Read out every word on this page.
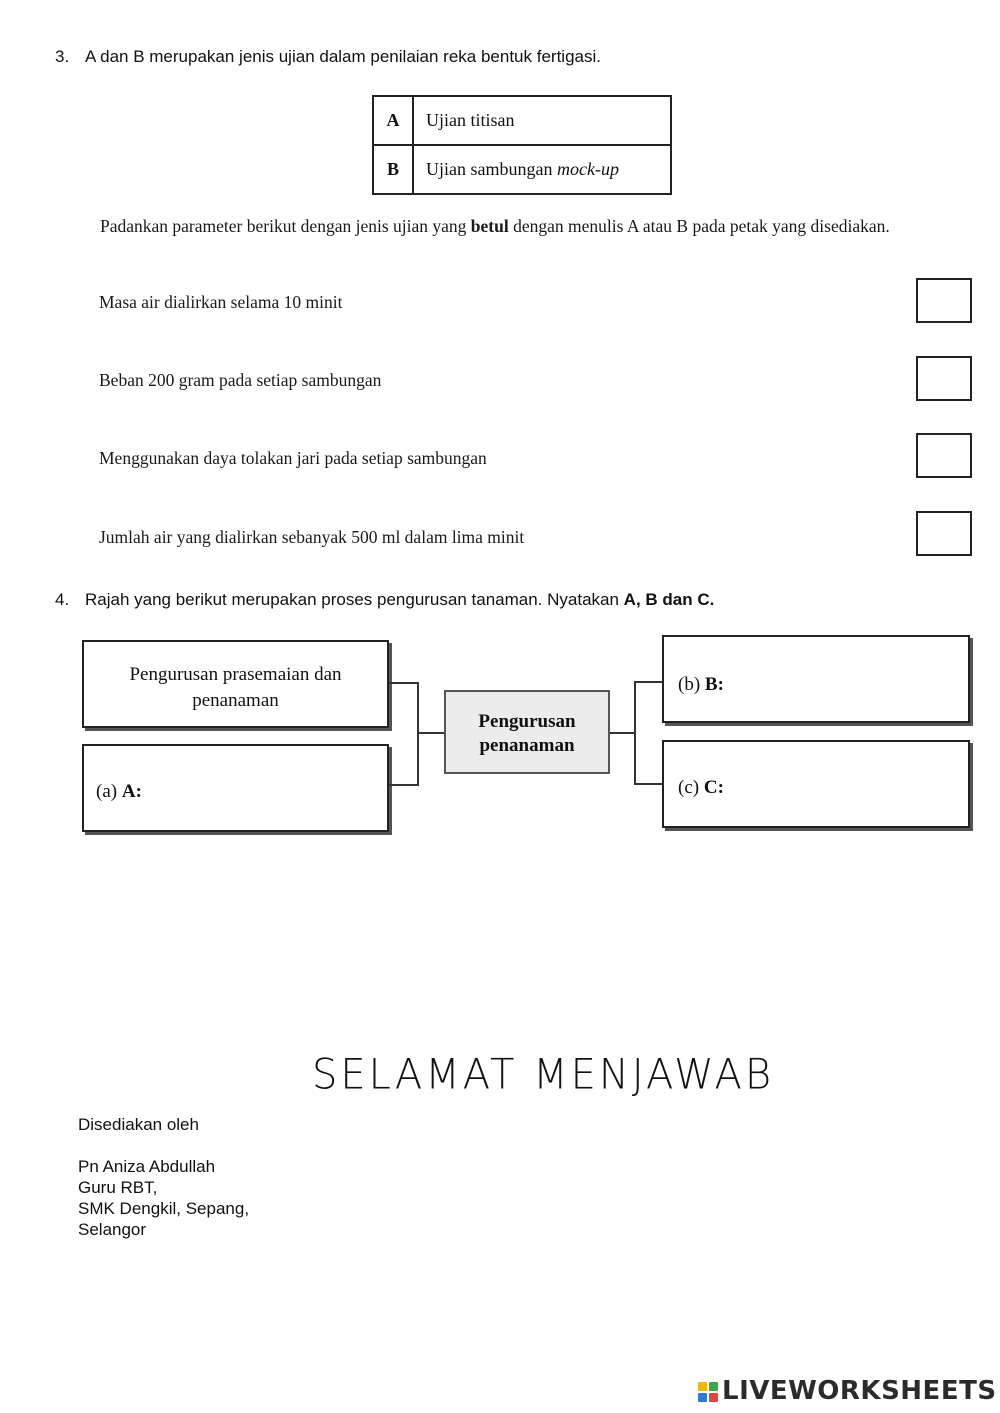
3. A dan B merupakan jenis ujian dalam penilaian reka bentuk fertigasi.
A	Ujian titisan
B	Ujian sambungan mock-up
Padankan parameter berikut dengan jenis ujian yang betul dengan menulis A atau B pada petak yang disediakan.
Masa air dialirkan selama 10 minit
Beban 200 gram pada setiap sambungan
Menggunakan daya tolakan jari pada setiap sambungan
Jumlah air yang dialirkan sebanyak 500 ml dalam lima minit
4. Rajah yang berikut merupakan proses pengurusan tanaman. Nyatakan A, B dan C.
Pengurusan prasemaian dan penanaman
(a) A:
Pengurusan
penanaman
(b) B:
(c) C:
SELAMAT MENJAWAB
Disediakan oleh
Pn Aniza Abdullah
Guru RBT,
SMK Dengkil, Sepang,
Selangor
LIVEWORKSHEETS
